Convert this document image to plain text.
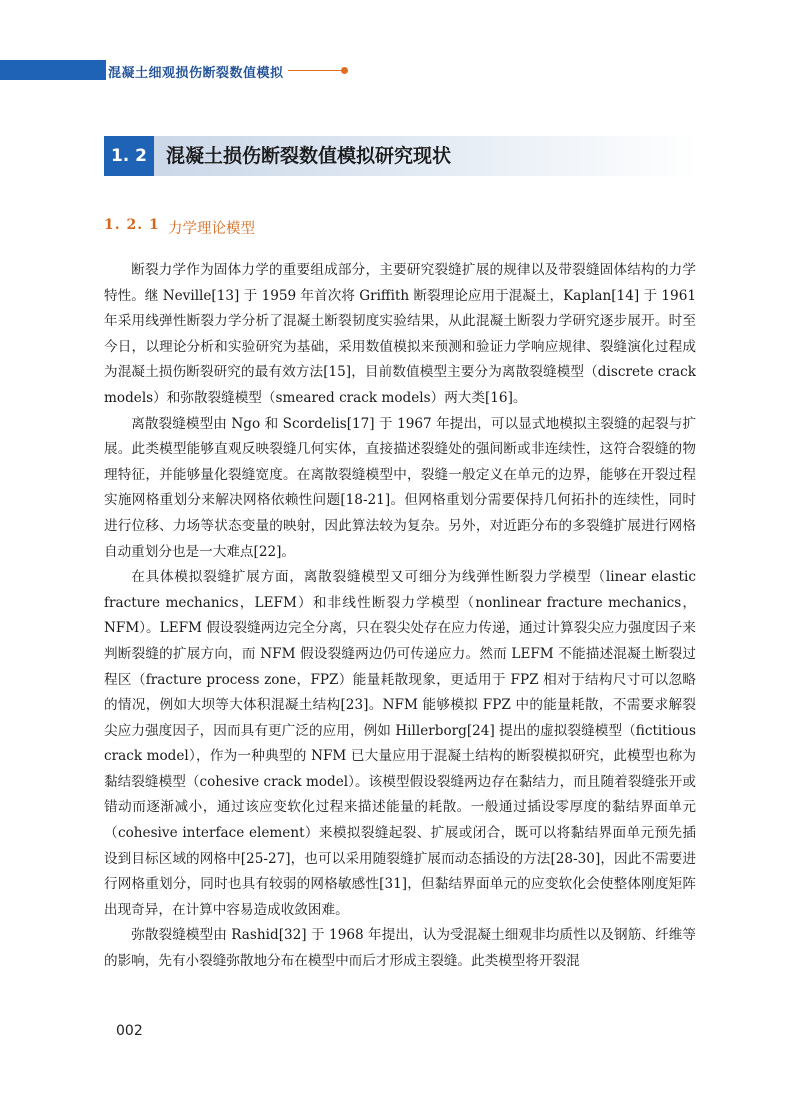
混凝土细观损伤断裂数值模拟
1. 2 混凝土损伤断裂数值模拟研究现状
1. 2. 1 力学理论模型

断裂力学作为固体力学的重要组成部分，主要研究裂缝扩展的规律以及带裂缝固体结构的力学特性。继 Neville[13] 于 1959 年首次将 Griffith 断裂理论应用于混凝土，Kaplan[14] 于 1961 年采用线弹性断裂力学分析了混凝土断裂韧度实验结果，从此混凝土断裂力学研究逐步展开。时至今日，以理论分析和实验研究为基础，采用数值模拟来预测和验证力学响应规律、裂缝演化过程成为混凝土损伤断裂研究的最有效方法[15]，目前数值模型主要分为离散裂缝模型（discrete crack models）和弥散裂缝模型（smeared crack models）两大类[16]。

离散裂缝模型由 Ngo 和 Scordelis[17] 于 1967 年提出，可以显式地模拟主裂缝的起裂与扩展。此类模型能够直观反映裂缝几何实体，直接描述裂缝处的强间断或非连续性，这符合裂缝的物理特征，并能够量化裂缝宽度。在离散裂缝模型中，裂缝一般定义在单元的边界，能够在开裂过程实施网格重划分来解决网格依赖性问题[18-21]。但网格重划分需要保持几何拓扑的连续性，同时进行位移、力场等状态变量的映射，因此算法较为复杂。另外，对近距分布的多裂缝扩展进行网格自动重划分也是一大难点[22]。

在具体模拟裂缝扩展方面，离散裂缝模型又可细分为线弹性断裂力学模型（linear elastic fracture mechanics，LEFM）和非线性断裂力学模型（nonlinear fracture mechanics，NFM）。LEFM 假设裂缝两边完全分离，只在裂尖处存在应力传递，通过计算裂尖应力强度因子来判断裂缝的扩展方向，而 NFM 假设裂缝两边仍可传递应力。然而 LEFM 不能描述混凝土断裂过程区（fracture process zone，FPZ）能量耗散现象，更适用于 FPZ 相对于结构尺寸可以忽略的情况，例如大坝等大体积混凝土结构[23]。NFM 能够模拟 FPZ 中的能量耗散，不需要求解裂尖应力强度因子，因而具有更广泛的应用，例如 Hillerborg[24] 提出的虚拟裂缝模型（fictitious crack model），作为一种典型的 NFM 已大量应用于混凝土结构的断裂模拟研究，此模型也称为黏结裂缝模型（cohesive crack model）。该模型假设裂缝两边存在黏结力，而且随着裂缝张开或错动而逐渐减小，通过该应变软化过程来描述能量的耗散。一般通过插设零厚度的黏结界面单元（cohesive interface element）来模拟裂缝起裂、扩展或闭合，既可以将黏结界面单元预先插设到目标区域的网格中[25-27]，也可以采用随裂缝扩展而动态插设的方法[28-30]，因此不需要进行网格重划分，同时也具有较弱的网格敏感性[31]，但黏结界面单元的应变软化会使整体刚度矩阵出现奇异，在计算中容易造成收敛困难。

弥散裂缝模型由 Rashid[32] 于 1968 年提出，认为受混凝土细观非均质性以及钢筋、纤维等的影响，先有小裂缝弥散地分布在模型中而后才形成主裂缝。此类模型将开裂混

002
